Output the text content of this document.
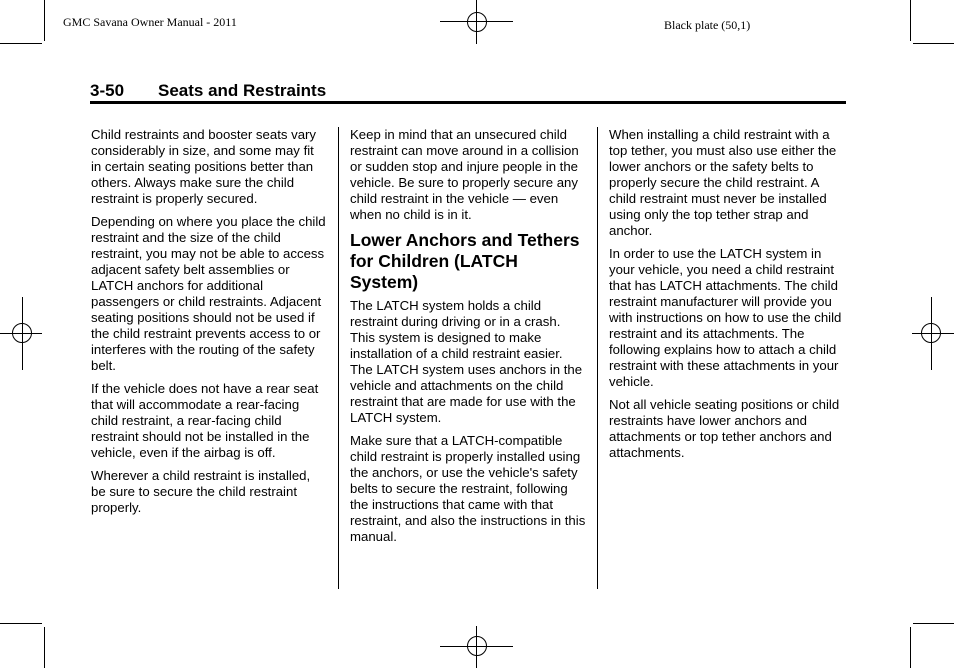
GMC Savana Owner Manual - 2011	Black plate (50,1)
3-50 Seats and Restraints

Child restraints and booster seats vary considerably in size, and some may fit in certain seating positions better than others. Always make sure the child restraint is properly secured.

Depending on where you place the child restraint and the size of the child restraint, you may not be able to access adjacent safety belt assemblies or LATCH anchors for additional passengers or child restraints. Adjacent seating positions should not be used if the child restraint prevents access to or interferes with the routing of the safety belt.

If the vehicle does not have a rear seat that will accommodate a rear-facing child restraint, a rear-facing child restraint should not be installed in the vehicle, even if the airbag is off.

Wherever a child restraint is installed, be sure to secure the child restraint properly.

Keep in mind that an unsecured child restraint can move around in a collision or sudden stop and injure people in the vehicle. Be sure to properly secure any child restraint in the vehicle — even when no child is in it.

Lower Anchors and Tethers for Children (LATCH System)

The LATCH system holds a child restraint during driving or in a crash. This system is designed to make installation of a child restraint easier. The LATCH system uses anchors in the vehicle and attachments on the child restraint that are made for use with the LATCH system.

Make sure that a LATCH-compatible child restraint is properly installed using the anchors, or use the vehicle's safety belts to secure the restraint, following the instructions that came with that restraint, and also the instructions in this manual.

When installing a child restraint with a top tether, you must also use either the lower anchors or the safety belts to properly secure the child restraint. A child restraint must never be installed using only the top tether strap and anchor.

In order to use the LATCH system in your vehicle, you need a child restraint that has LATCH attachments. The child restraint manufacturer will provide you with instructions on how to use the child restraint and its attachments. The following explains how to attach a child restraint with these attachments in your vehicle.

Not all vehicle seating positions or child restraints have lower anchors and attachments or top tether anchors and attachments.
